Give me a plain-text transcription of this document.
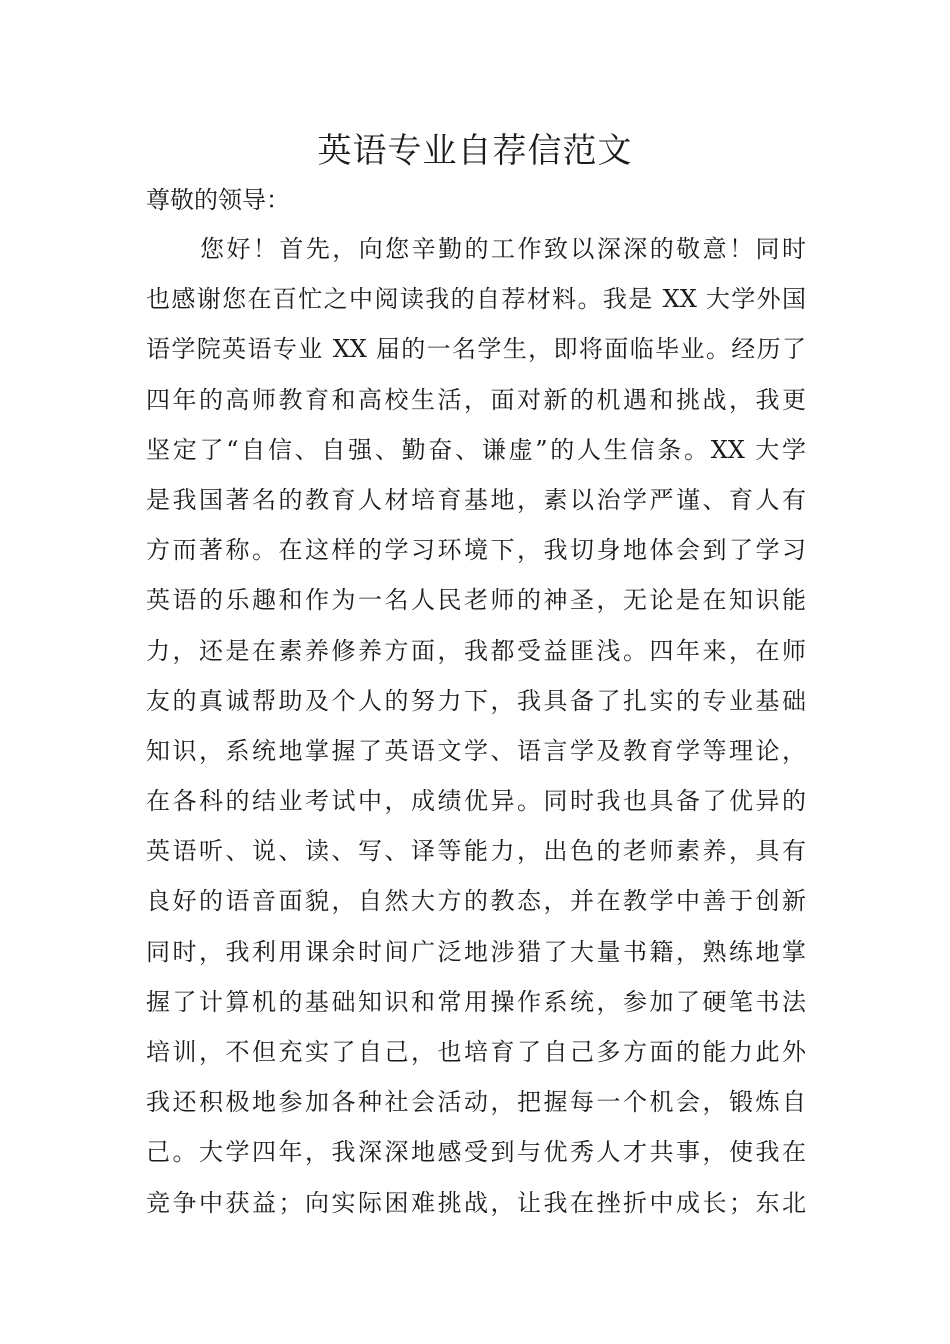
英语专业自荐信范文

尊敬的领导：

您好！首先，向您辛勤的工作致以深深的敬意！同时
也感谢您在百忙之中阅读我的自荐材料。我是 XX 大学外国
语学院英语专业 XX 届的一名学生，即将面临毕业。经历了
四年的高师教育和高校生活，面对新的机遇和挑战，我更
坚定了“自信、自强、勤奋、谦虚”的人生信条。XX 大学
是我国著名的教育人材培育基地，素以治学严谨、育人有
方而著称。在这样的学习环境下，我切身地体会到了学习
英语的乐趣和作为一名人民老师的神圣，无论是在知识能
力，还是在素养修养方面，我都受益匪浅。四年来，在师
友的真诚帮助及个人的努力下，我具备了扎实的专业基础
知识，系统地掌握了英语文学、语言学及教育学等理论，
在各科的结业考试中，成绩优异。同时我也具备了优异的
英语听、说、读、写、译等能力，出色的老师素养，具有
良好的语音面貌，自然大方的教态，并在教学中善于创新
同时，我利用课余时间广泛地涉猎了大量书籍，熟练地掌
握了计算机的基础知识和常用操作系统，参加了硬笔书法
培训，不但充实了自己，也培育了自己多方面的能力此外
我还积极地参加各种社会活动，把握每一个机会，锻炼自
己。大学四年，我深深地感受到与优秀人才共事，使我在
竞争中获益；向实际困难挑战，让我在挫折中成长；东北
